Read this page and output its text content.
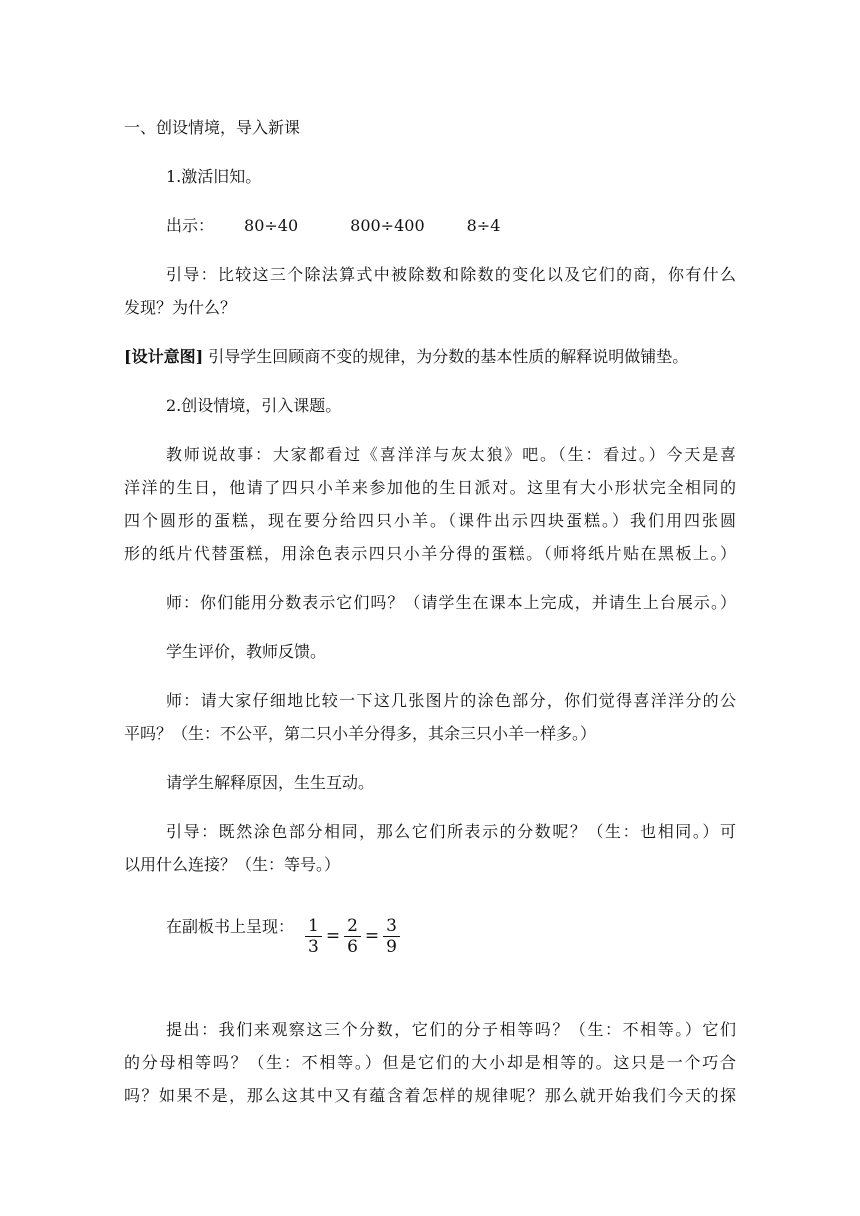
一、创设情境，导入新课
1.激活旧知。
出示： 80÷40	800÷400	8÷4
引导：比较这三个除法算式中被除数和除数的变化以及它们的商，你有什么
发现？为什么？
[设计意图] 引导学生回顾商不变的规律，为分数的基本性质的解释说明做铺垫。
2.创设情境，引入课题。
教师说故事：大家都看过《喜洋洋与灰太狼》吧。（生：看过。）今天是喜
洋洋的生日，他请了四只小羊来参加他的生日派对。这里有大小形状完全相同的
四个圆形的蛋糕，现在要分给四只小羊。（课件出示四块蛋糕。）我们用四张圆
形的纸片代替蛋糕，用涂色表示四只小羊分得的蛋糕。（师将纸片贴在黑板上。）
师：你们能用分数表示它们吗？（请学生在课本上完成，并请生上台展示。）
学生评价，教师反馈。
师：请大家仔细地比较一下这几张图片的涂色部分，你们觉得喜洋洋分的公
平吗？（生：不公平，第二只小羊分得多，其余三只小羊一样多。）
请学生解释原因，生生互动。
引导：既然涂色部分相同，那么它们所表示的分数呢？（生：也相同。）可
以用什么连接？（生：等号。）
在副板书上呈现： $\frac{1}{3} = \frac{2}{6} = \frac{3}{9}$
提出：我们来观察这三个分数，它们的分子相等吗？（生：不相等。）它们
的分母相等吗？（生：不相等。）但是它们的大小却是相等的。这只是一个巧合
吗？如果不是，那么这其中又有蕴含着怎样的规律呢？那么就开始我们今天的探
